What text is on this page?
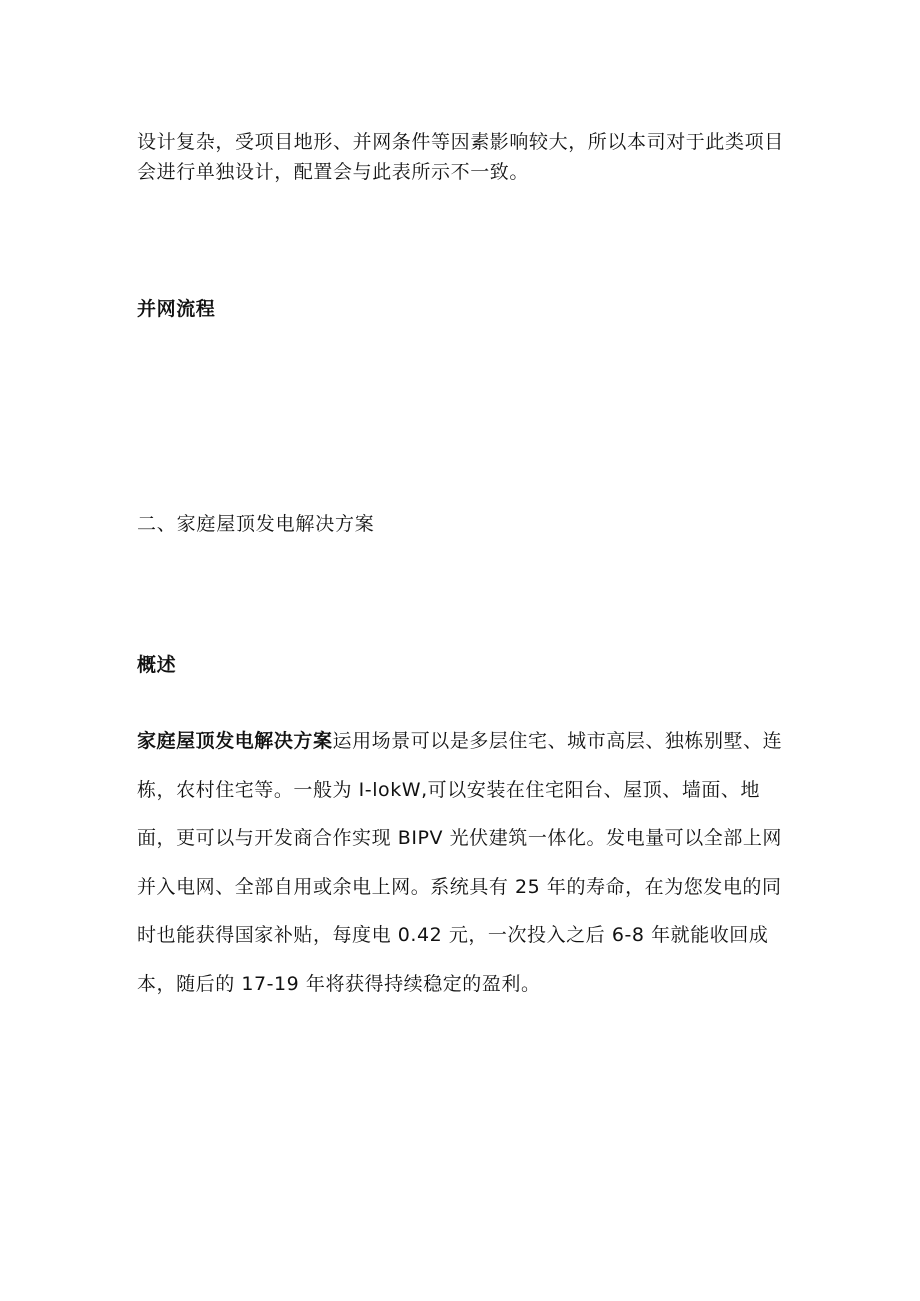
设计复杂，受项目地形、并网条件等因素影响较大，所以本司对于此类项目会进行单独设计，配置会与此表所示不一致。

并网流程
二、家庭屋顶发电解决方案
概述

家庭屋顶发电解决方案运用场景可以是多层住宅、城市高层、独栋别墅、连栋，农村住宅等。一般为 I-lokW,可以安装在住宅阳台、屋顶、墙面、地面，更可以与开发商合作实现 BIPV 光伏建筑一体化。发电量可以全部上网并入电网、全部自用或余电上网。系统具有 25 年的寿命，在为您发电的同时也能获得国家补贴，每度电 0.42 元，一次投入之后 6-8 年就能收回成本，随后的 17-19 年将获得持续稳定的盈利。
